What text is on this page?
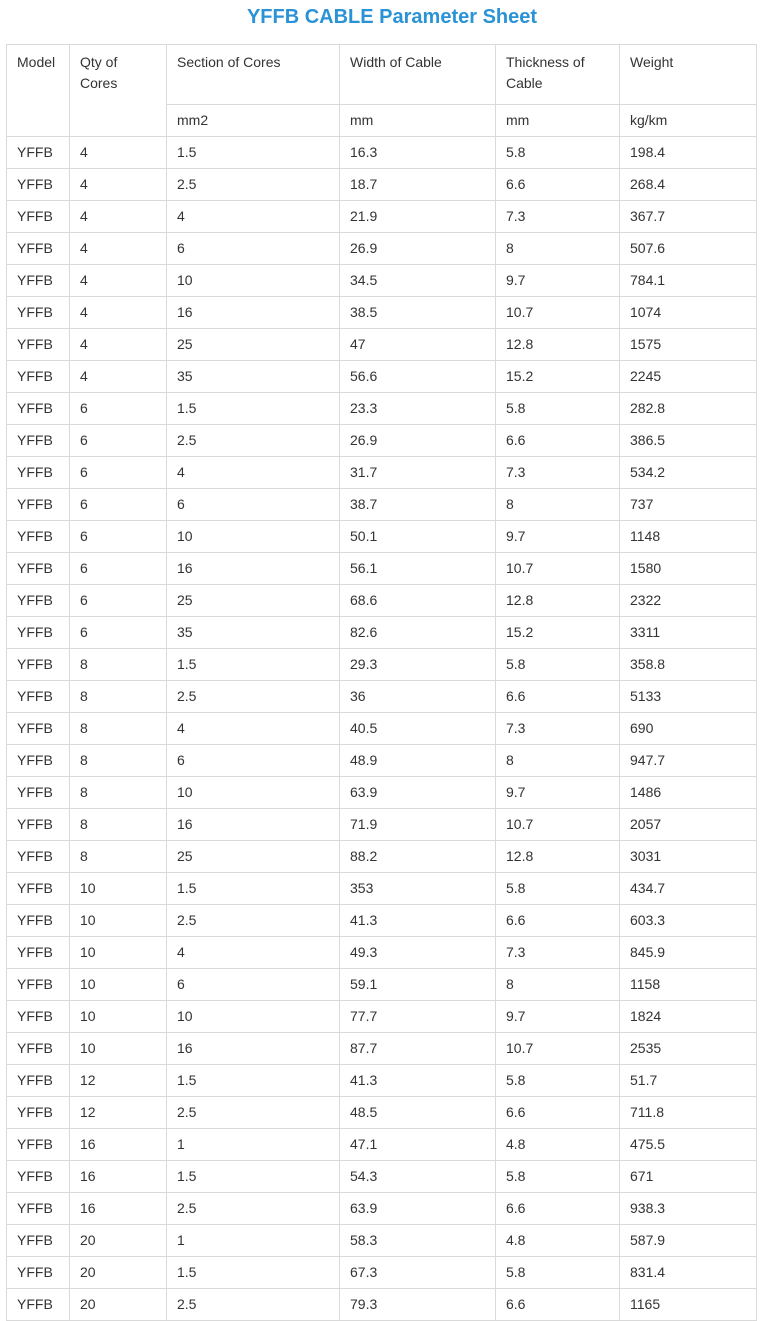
YFFB CABLE Parameter Sheet
Model	Qty of Cores	Section of Cores	Width of Cable	Thickness of Cable	Weight
		mm2	mm	mm	kg/km
YFFB	4	1.5	16.3	5.8	198.4
YFFB	4	2.5	18.7	6.6	268.4
YFFB	4	4	21.9	7.3	367.7
YFFB	4	6	26.9	8	507.6
YFFB	4	10	34.5	9.7	784.1
YFFB	4	16	38.5	10.7	1074
YFFB	4	25	47	12.8	1575
YFFB	4	35	56.6	15.2	2245
YFFB	6	1.5	23.3	5.8	282.8
YFFB	6	2.5	26.9	6.6	386.5
YFFB	6	4	31.7	7.3	534.2
YFFB	6	6	38.7	8	737
YFFB	6	10	50.1	9.7	1148
YFFB	6	16	56.1	10.7	1580
YFFB	6	25	68.6	12.8	2322
YFFB	6	35	82.6	15.2	3311
YFFB	8	1.5	29.3	5.8	358.8
YFFB	8	2.5	36	6.6	5133
YFFB	8	4	40.5	7.3	690
YFFB	8	6	48.9	8	947.7
YFFB	8	10	63.9	9.7	1486
YFFB	8	16	71.9	10.7	2057
YFFB	8	25	88.2	12.8	3031
YFFB	10	1.5	353	5.8	434.7
YFFB	10	2.5	41.3	6.6	603.3
YFFB	10	4	49.3	7.3	845.9
YFFB	10	6	59.1	8	1158
YFFB	10	10	77.7	9.7	1824
YFFB	10	16	87.7	10.7	2535
YFFB	12	1.5	41.3	5.8	51.7
YFFB	12	2.5	48.5	6.6	711.8
YFFB	16	1	47.1	4.8	475.5
YFFB	16	1.5	54.3	5.8	671
YFFB	16	2.5	63.9	6.6	938.3
YFFB	20	1	58.3	4.8	587.9
YFFB	20	1.5	67.3	5.8	831.4
YFFB	20	2.5	79.3	6.6	1165
